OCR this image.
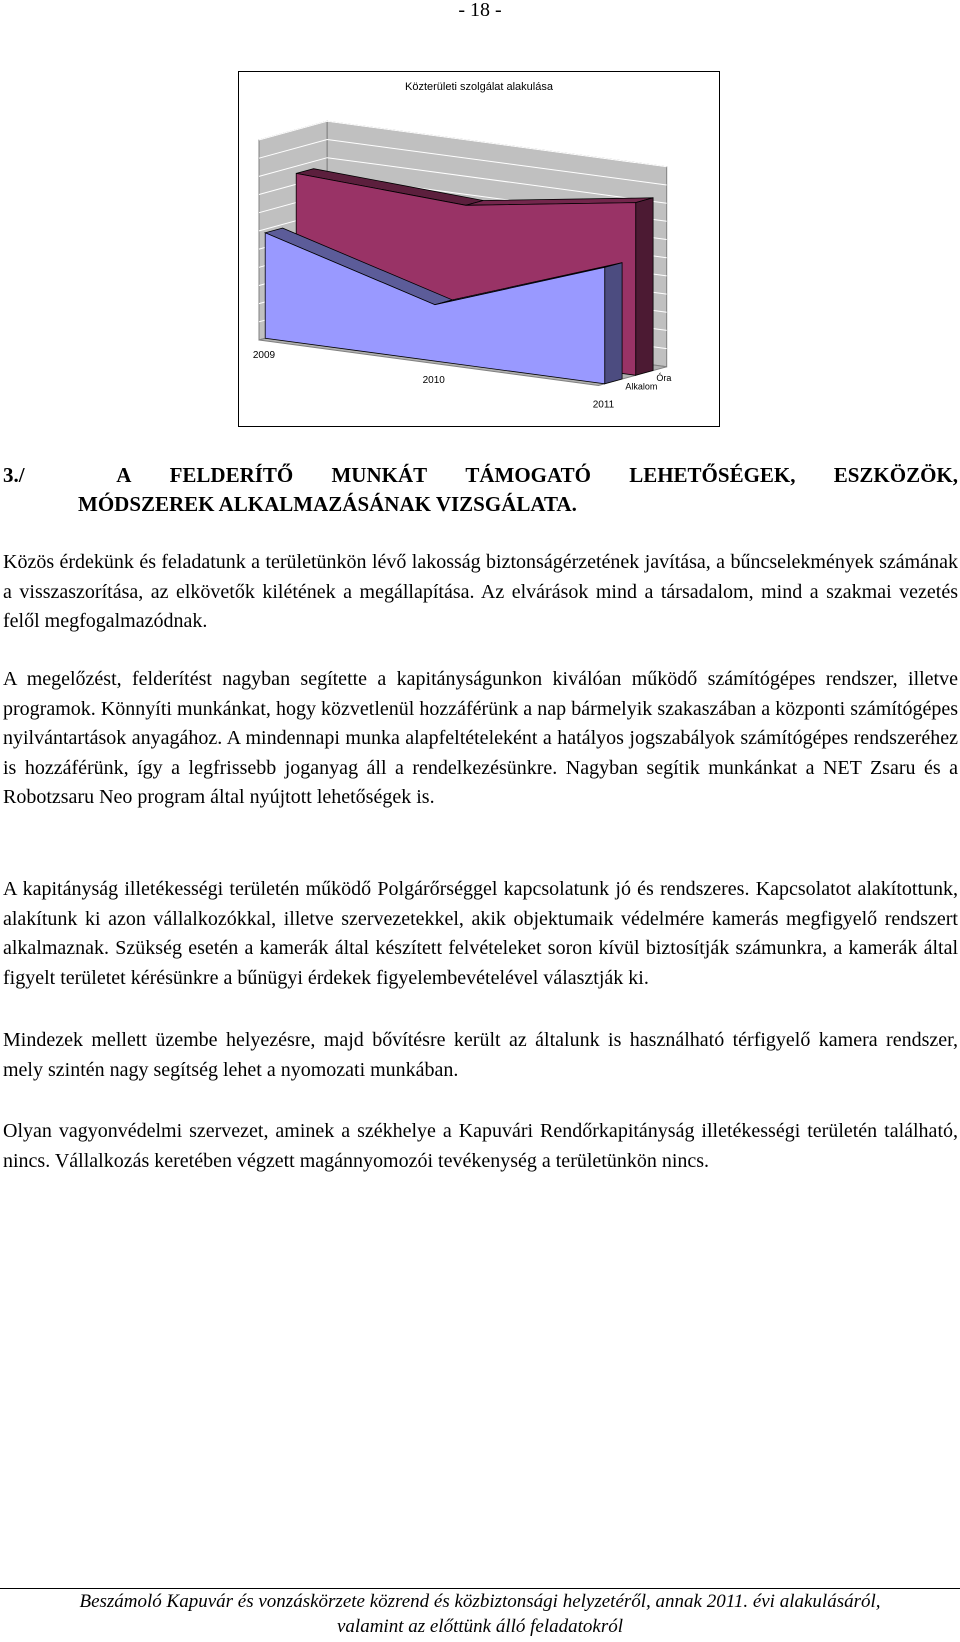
- 18 -
Közterületi szolgálat alakulása
2009
2010
2011
Óra
Alkalom
3./	A FELDERÍTŐ MUNKÁT TÁMOGATÓ LEHETŐSÉGEK, ESZKÖZÖK,
MÓDSZEREK ALKALMAZÁSÁNAK VIZSGÁLATA.

Közös érdekünk és feladatunk a területünkön lévő lakosság biztonságérzetének javítása, a bűncselekmények számának a visszaszorítása, az elkövetők kilétének a megállapítása. Az elvárások mind a társadalom, mind a szakmai vezetés felől megfogalmazódnak.

A megelőzést, felderítést nagyban segítette a kapitányságunkon kiválóan működő számítógépes rendszer, illetve programok. Könnyíti munkánkat, hogy közvetlenül hozzáférünk a nap bármelyik szakaszában a központi számítógépes nyilvántartások anyagához. A mindennapi munka alapfeltételeként a hatályos jogszabályok számítógépes rendszeréhez is hozzáférünk, így a legfrissebb joganyag áll a rendelkezésünkre. Nagyban segítik munkánkat a NET Zsaru és a Robotzsaru Neo program által nyújtott lehetőségek is.

A kapitányság illetékességi területén működő Polgárőrséggel kapcsolatunk jó és rendszeres. Kapcsolatot alakítottunk, alakítunk ki azon vállalkozókkal, illetve szervezetekkel, akik objektumaik védelmére kamerás megfigyelő rendszert alkalmaznak. Szükség esetén a kamerák által készített felvételeket soron kívül biztosítják számunkra, a kamerák által figyelt területet kérésünkre a bűnügyi érdekek figyelembevételével választják ki.

Mindezek mellett üzembe helyezésre, majd bővítésre került az általunk is használható térfigyelő kamera rendszer, mely szintén nagy segítség lehet a nyomozati munkában.

Olyan vagyonvédelmi szervezet, aminek a székhelye a Kapuvári Rendőrkapitányság illetékességi területén található, nincs. Vállalkozás keretében végzett magánnyomozói tevékenység a területünkön nincs.

Beszámoló Kapuvár és vonzáskörzete közrend és közbiztonsági helyzetéről, annak 2011. évi alakulásáról,
valamint az előttünk álló feladatokról
